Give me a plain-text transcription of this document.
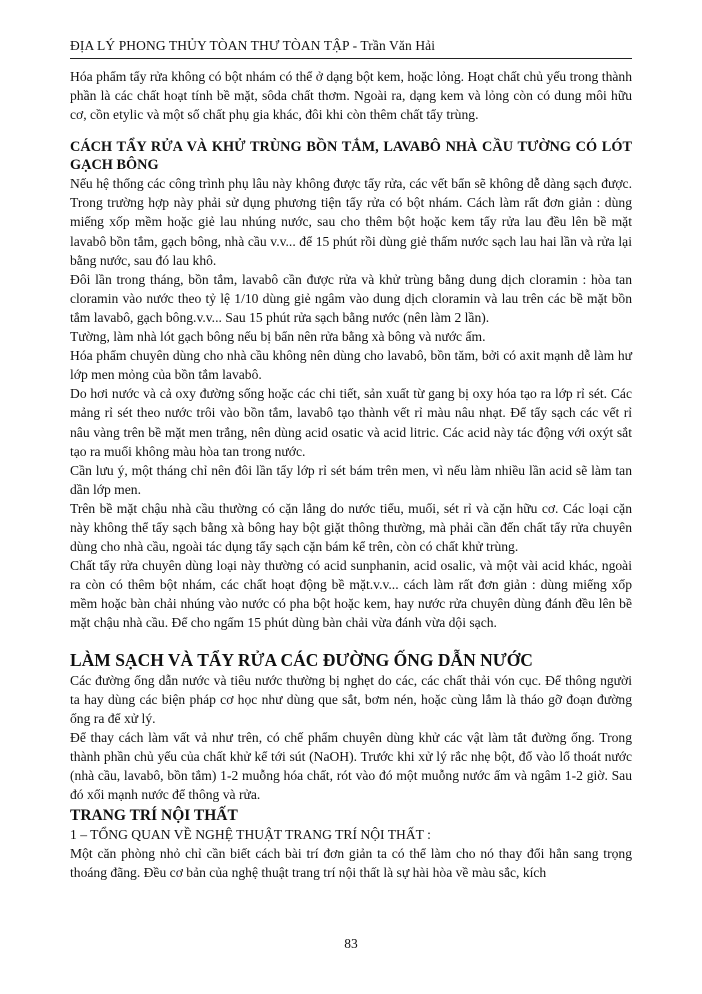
ĐỊA LÝ PHONG THỦY TÒAN THƯ TÒAN TẬP - Trần Văn Hải

Hóa phẩm tẩy rửa không có bột nhám có thể ở dạng bột kem, hoặc lỏng. Hoạt chất chủ yếu trong thành phần là các chất hoạt tính bề mặt, sôda chất thơm. Ngoài ra, dạng kem và lỏng còn có dung môi hữu cơ, cồn etylic và một số chất phụ gia khác, đôi khi còn thêm chất tẩy trùng.

CÁCH TẨY RỬA VÀ KHỬ TRÙNG BỒN TẮM, LAVABÔ NHÀ CẦU TƯỜNG CÓ LÓT GẠCH BÔNG

Nếu hệ thống các công trình phụ lâu này không được tẩy rửa, các vết bẩn sẽ không dễ dàng sạch được. Trong trường hợp này phải sử dụng phương tiện tẩy rửa có bột nhám. Cách làm rất đơn giản : dùng miếng xốp mềm hoặc giẻ lau nhúng nước, sau cho thêm bột hoặc kem tẩy rửa lau đều lên bề mặt lavabô bồn tắm, gạch bông, nhà cầu v.v... để 15 phút rồi dùng giẻ thấm nước sạch lau hai lần và rửa lại bằng nước, sau đó lau khô.

Đôi lần trong tháng, bồn tắm, lavabô cần được rửa và khử trùng bằng dung dịch cloramin : hòa tan cloramin vào nước theo tỷ lệ 1/10 dùng giẻ ngâm vào dung dịch cloramin và lau trên các bề mặt bồn tắm lavabô, gạch bông.v.v... Sau 15 phút rửa sạch bằng nước (nên làm 2 lần).

Tường, làm nhà lót gạch bông nếu bị bẩn nên rửa bằng xà bông và nước ấm.

Hóa phẩm chuyên dùng cho nhà cầu không nên dùng cho lavabô, bồn tăm, bởi có axit mạnh dễ làm hư lớp men mỏng của bồn tắm lavabô.

Do hơi nước và cả oxy đường sống hoặc các chi tiết, sản xuất từ gang bị oxy hóa tạo ra lớp rỉ sét. Các mảng rỉ sét theo nước trôi vào bồn tắm, lavabô tạo thành vết rỉ màu nâu nhạt. Để tẩy sạch các vết rỉ nâu vàng trên bề mặt men trắng, nên dùng acid osatic và acid litric. Các acid này tác động với oxýt sắt tạo ra muối không màu hòa tan trong nước.

Cần lưu ý, một tháng chỉ nên đôi lần tẩy lớp rỉ sét bám trên men, vì nếu làm nhiều lần acid sẽ làm tan dần lớp men.

Trên bề mặt chậu nhà cầu thường có cặn lắng do nước tiểu, muối, sét rỉ và cặn hữu cơ. Các loại cặn này không thể tẩy sạch bằng xà bông hay bột giặt thông thường, mà phải cần đến chất tẩy rửa chuyên dùng cho nhà cầu, ngoài tác dụng tẩy sạch cặn bám kể trên, còn có chất khử trùng.

Chất tẩy rửa chuyên dùng loại này thường có acid sunphanin, acid osalic, và một vài acid khác, ngoài ra còn có thêm bột nhám, các chất hoạt động bề mặt.v.v... cách làm rất đơn giản : dùng miếng xốp mềm hoặc bàn chải nhúng vào nước có pha bột hoặc kem, hay nước rửa chuyên dùng đánh đều lên bề mặt chậu nhà cầu. Để cho ngấm 15 phút dùng bàn chải vừa đánh vừa dội sạch.

LÀM SẠCH VÀ TẨY RỬA CÁC ĐƯỜNG ỐNG DẪN NƯỚC

Các đường ống dẫn nước và tiêu nước thường bị nghẹt do các, các chất thải vón cục. Để thông người ta hay dùng các biện pháp cơ học như dùng que sắt, bơm nén, hoặc cùng lắm là tháo gỡ đoạn đường ống ra để xử lý.

Để thay cách làm vất vả như trên, có chế phẩm chuyên dùng khử các vật làm tắt đường ống. Trong thành phần chủ yếu của chất khử kể tới sút (NaOH). Trước khi xử lý rắc nhẹ bột, đổ vào lổ thoát nước (nhà cầu, lavabô, bồn tắm) 1-2 muỗng hóa chất, rót vào đó một muỗng nước ấm và ngâm 1-2 giờ. Sau đó xối mạnh nước để thông và rửa.

TRANG TRÍ NỘI THẤT

1 – TỔNG QUAN VỀ NGHỆ THUẬT TRANG TRÍ NỘI THẤT :

Một căn phòng nhỏ chỉ cần biết cách bài trí đơn giản ta có thể làm cho nó thay đổi hẳn sang trọng thoáng đãng. Đều cơ bản của nghệ thuật trang trí nội thất là sự hài hòa về màu sắc, kích

83
